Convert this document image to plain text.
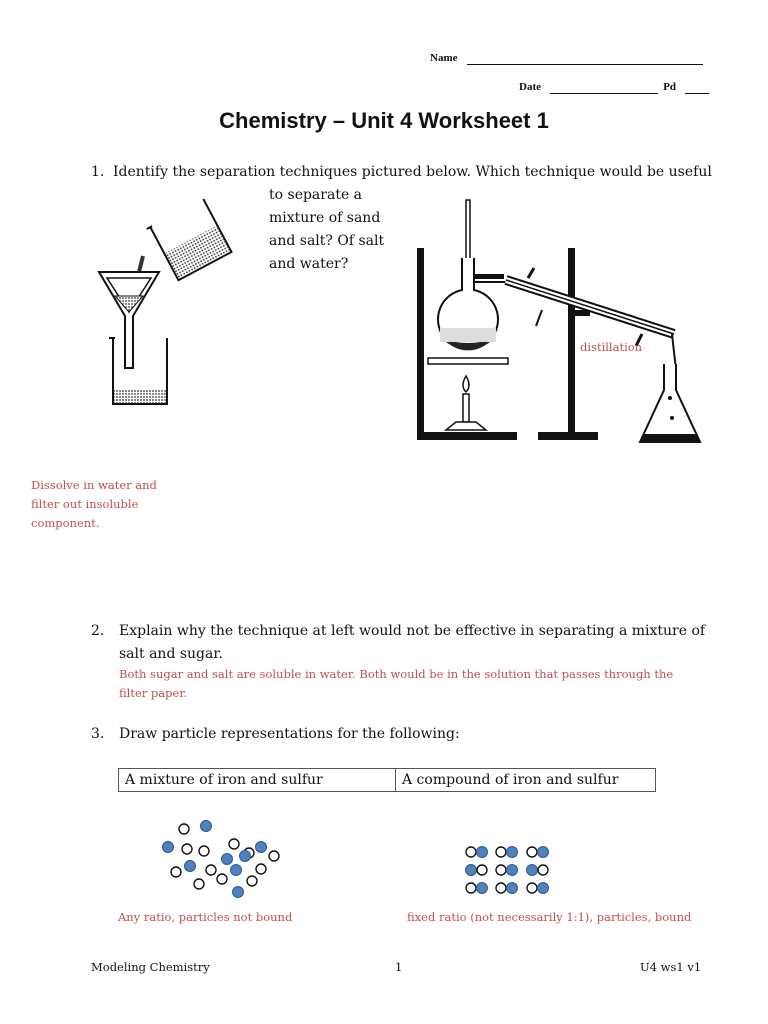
Name
Date	Pd
Chemistry – Unit 4 Worksheet 1
1. Identify the separation techniques pictured below. Which technique would be useful
to separate a
mixture of sand
and salt? Of salt
and water?
distillation
Dissolve in water and
filter out insoluble
component.
2. Explain why the technique at left would not be effective in separating a mixture of
salt and sugar.
Both sugar and salt are soluble in water. Both would be in the solution that passes through the
filter paper.
3. Draw particle representations for the following:
A mixture of iron and sulfur	A compound of iron and sulfur
Any ratio, particles not bound	fixed ratio (not necessarily 1:1), particles, bound
Modeling Chemistry	1	U4 ws1 v1
